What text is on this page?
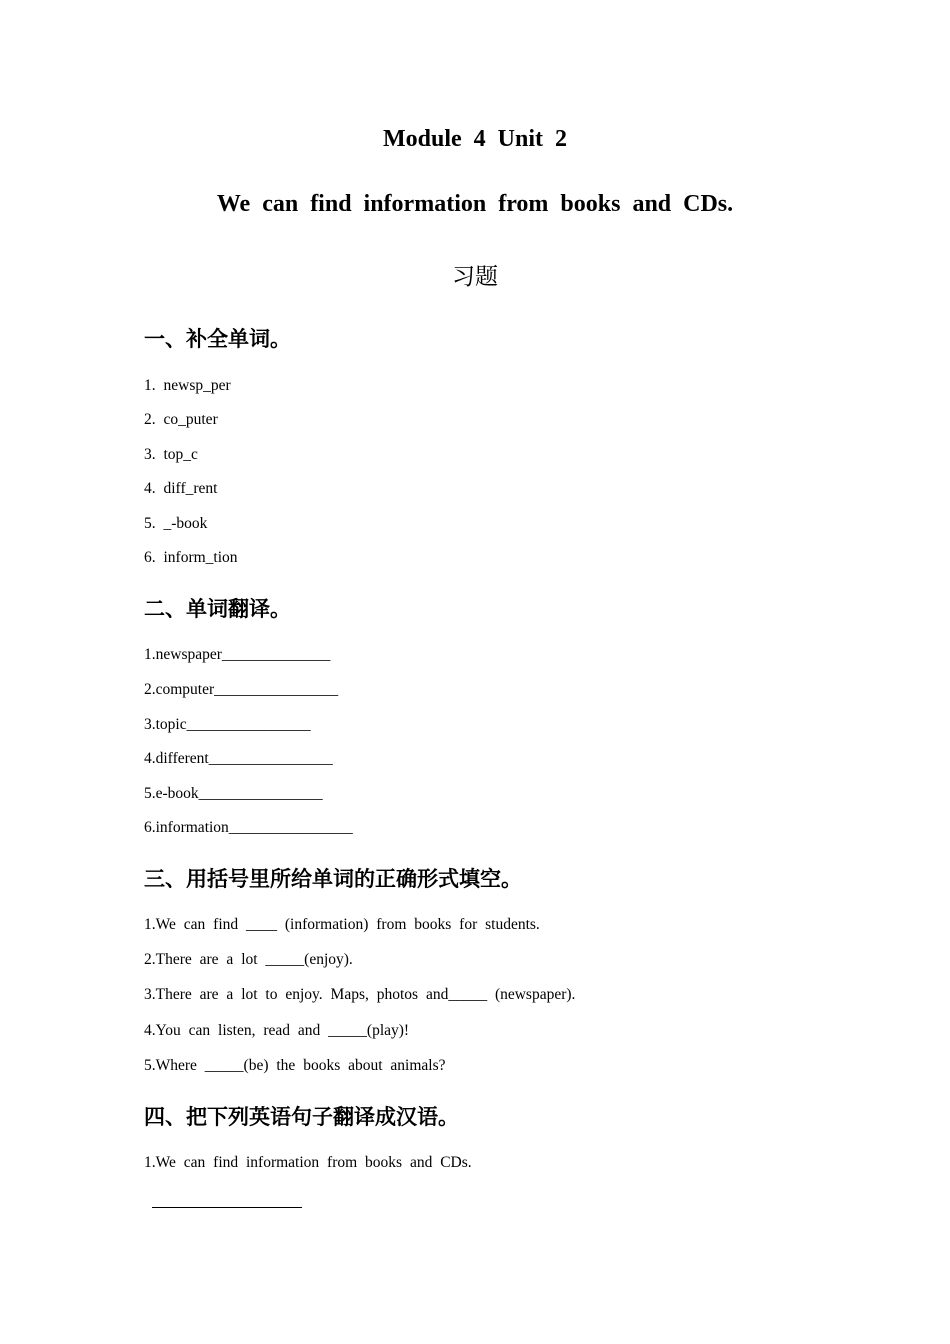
Module 4 Unit 2
We can find information from books and CDs.
习题
一、补全单词。
1. newsp_per
2. co_puter
3. top_c
4. diff_rent
5. _-book
6. inform_tion
二、单词翻译。
1.newspaper______________
2.computer________________
3.topic________________
4.different________________
5.e-book________________
6.information________________
三、用括号里所给单词的正确形式填空。
1.We can find ____ (information) from books for students.
2.There are a lot _____(enjoy).
3.There are a lot to enjoy. Maps, photos and_____ (newspaper).
4.You can listen, read and _____(play)!
5.Where _____(be) the books about animals?
四、把下列英语句子翻译成汉语。
1.We can find information from books and CDs.
